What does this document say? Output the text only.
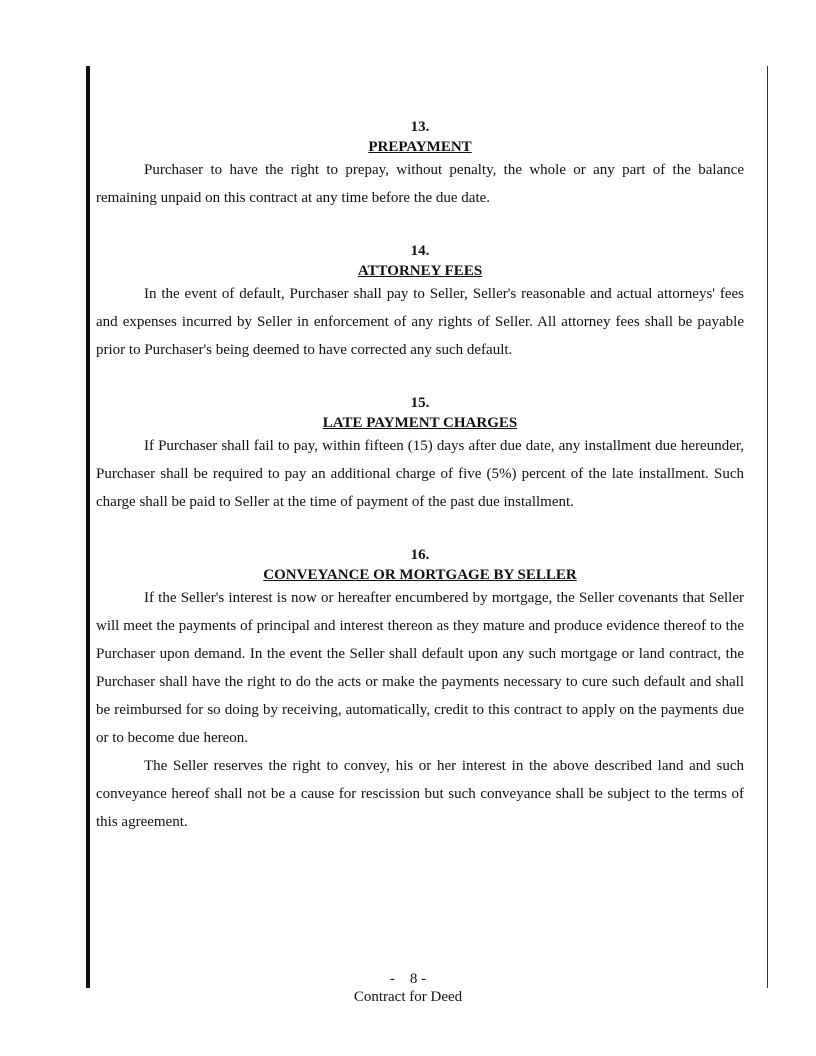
13.

PREPAYMENT

Purchaser to have the right to prepay, without penalty, the whole or any part of the balance remaining unpaid on this contract at any time before the due date.

14.

ATTORNEY FEES

In the event of default, Purchaser shall pay to Seller, Seller's reasonable and actual attorneys' fees and expenses incurred by Seller in enforcement of any rights of Seller. All attorney fees shall be payable prior to Purchaser's being deemed to have corrected any such default.

15.

LATE PAYMENT CHARGES

If Purchaser shall fail to pay, within fifteen (15) days after due date, any installment due hereunder, Purchaser shall be required to pay an additional charge of five (5%) percent of the late installment. Such charge shall be paid to Seller at the time of payment of the past due installment.

16.

CONVEYANCE OR MORTGAGE BY SELLER

If the Seller's interest is now or hereafter encumbered by mortgage, the Seller covenants that Seller will meet the payments of principal and interest thereon as they mature and produce evidence thereof to the Purchaser upon demand. In the event the Seller shall default upon any such mortgage or land contract, the Purchaser shall have the right to do the acts or make the payments necessary to cure such default and shall be reimbursed for so doing by receiving, automatically, credit to this contract to apply on the payments due or to become due hereon.

The Seller reserves the right to convey, his or her interest in the above described land and such conveyance hereof shall not be a cause for rescission but such conveyance shall be subject to the terms of this agreement.

-    8 -
Contract for Deed
